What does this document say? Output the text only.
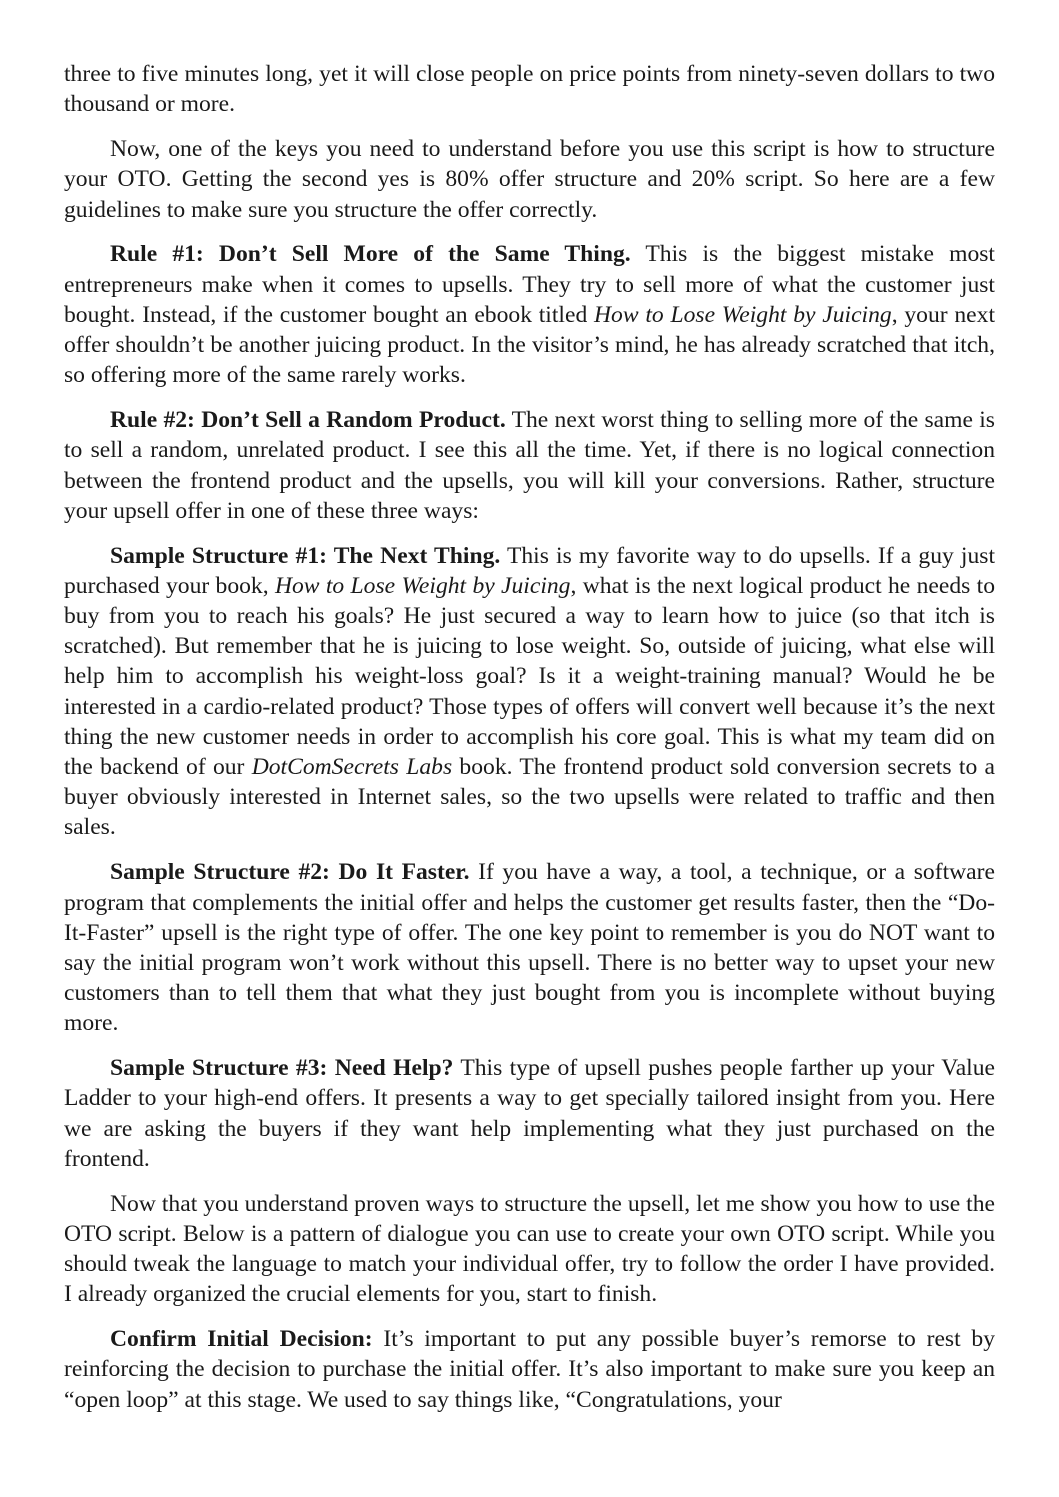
three to five minutes long, yet it will close people on price points from ninety-seven dollars to two thousand or more.

Now, one of the keys you need to understand before you use this script is how to structure your OTO. Getting the second yes is 80% offer structure and 20% script. So here are a few guidelines to make sure you structure the offer correctly.

Rule #1: Don’t Sell More of the Same Thing. This is the biggest mistake most entrepreneurs make when it comes to upsells. They try to sell more of what the customer just bought. Instead, if the customer bought an ebook titled How to Lose Weight by Juicing, your next offer shouldn’t be another juicing product. In the visitor’s mind, he has already scratched that itch, so offering more of the same rarely works.

Rule #2: Don’t Sell a Random Product. The next worst thing to selling more of the same is to sell a random, unrelated product. I see this all the time. Yet, if there is no logical connection between the frontend product and the upsells, you will kill your conversions. Rather, structure your upsell offer in one of these three ways:

Sample Structure #1: The Next Thing. This is my favorite way to do upsells. If a guy just purchased your book, How to Lose Weight by Juicing, what is the next logical product he needs to buy from you to reach his goals? He just secured a way to learn how to juice (so that itch is scratched). But remember that he is juicing to lose weight. So, outside of juicing, what else will help him to accomplish his weight-loss goal? Is it a weight-training manual? Would he be interested in a cardio-related product? Those types of offers will convert well because it’s the next thing the new customer needs in order to accomplish his core goal. This is what my team did on the backend of our DotComSecrets Labs book. The frontend product sold conversion secrets to a buyer obviously interested in Internet sales, so the two upsells were related to traffic and then sales.

Sample Structure #2: Do It Faster. If you have a way, a tool, a technique, or a software program that complements the initial offer and helps the customer get results faster, then the “Do-It-Faster” upsell is the right type of offer. The one key point to remember is you do NOT want to say the initial program won’t work without this upsell. There is no better way to upset your new customers than to tell them that what they just bought from you is incomplete without buying more.

Sample Structure #3: Need Help? This type of upsell pushes people farther up your Value Ladder to your high-end offers. It presents a way to get specially tailored insight from you. Here we are asking the buyers if they want help implementing what they just purchased on the frontend.

Now that you understand proven ways to structure the upsell, let me show you how to use the OTO script. Below is a pattern of dialogue you can use to create your own OTO script. While you should tweak the language to match your individual offer, try to follow the order I have provided. I already organized the crucial elements for you, start to finish.

Confirm Initial Decision: It’s important to put any possible buyer’s remorse to rest by reinforcing the decision to purchase the initial offer. It’s also important to make sure you keep an “open loop” at this stage. We used to say things like, “Congratulations, your
